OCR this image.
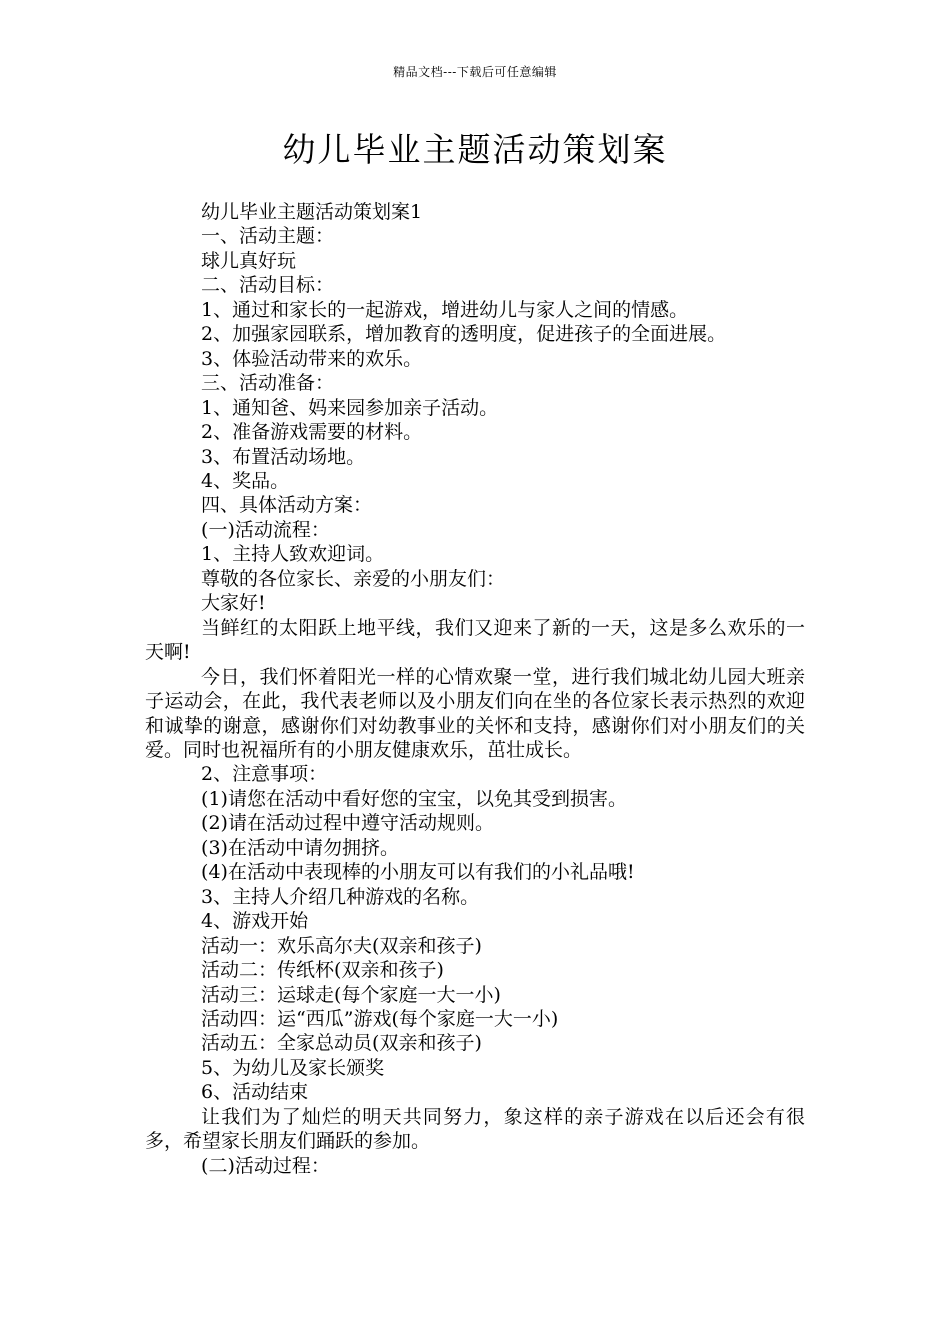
精品文档---下载后可任意编辑
幼儿毕业主题活动策划案

幼儿毕业主题活动策划案1

一、活动主题：

球儿真好玩

二、活动目标：

1、通过和家长的一起游戏，增进幼儿与家人之间的情感。

2、加强家园联系，增加教育的透明度，促进孩子的全面进展。

3、体验活动带来的欢乐。

三、活动准备：

1、通知爸、妈来园参加亲子活动。

2、准备游戏需要的材料。

3、布置活动场地。

4、奖品。

四、具体活动方案：

(一)活动流程：

1、主持人致欢迎词。

尊敬的各位家长、亲爱的小朋友们：

大家好!

当鲜红的太阳跃上地平线，我们又迎来了新的一天，这是多么欢乐的一天啊!

今日，我们怀着阳光一样的心情欢聚一堂，进行我们城北幼儿园大班亲子运动会，在此，我代表老师以及小朋友们向在坐的各位家长表示热烈的欢迎和诚挚的谢意，感谢你们对幼教事业的关怀和支持，感谢你们对小朋友们的关爱。同时也祝福所有的小朋友健康欢乐，茁壮成长。

2、注意事项：

(1)请您在活动中看好您的宝宝，以免其受到损害。

(2)请在活动过程中遵守活动规则。

(3)在活动中请勿拥挤。

(4)在活动中表现棒的小朋友可以有我们的小礼品哦!

3、主持人介绍几种游戏的名称。

4、游戏开始

活动一：欢乐高尔夫(双亲和孩子)

活动二：传纸杯(双亲和孩子)

活动三：运球走(每个家庭一大一小)

活动四：运“西瓜”游戏(每个家庭一大一小)

活动五：全家总动员(双亲和孩子)

5、为幼儿及家长颁奖

6、活动结束

让我们为了灿烂的明天共同努力，象这样的亲子游戏在以后还会有很多，希望家长朋友们踊跃的参加。

(二)活动过程：
